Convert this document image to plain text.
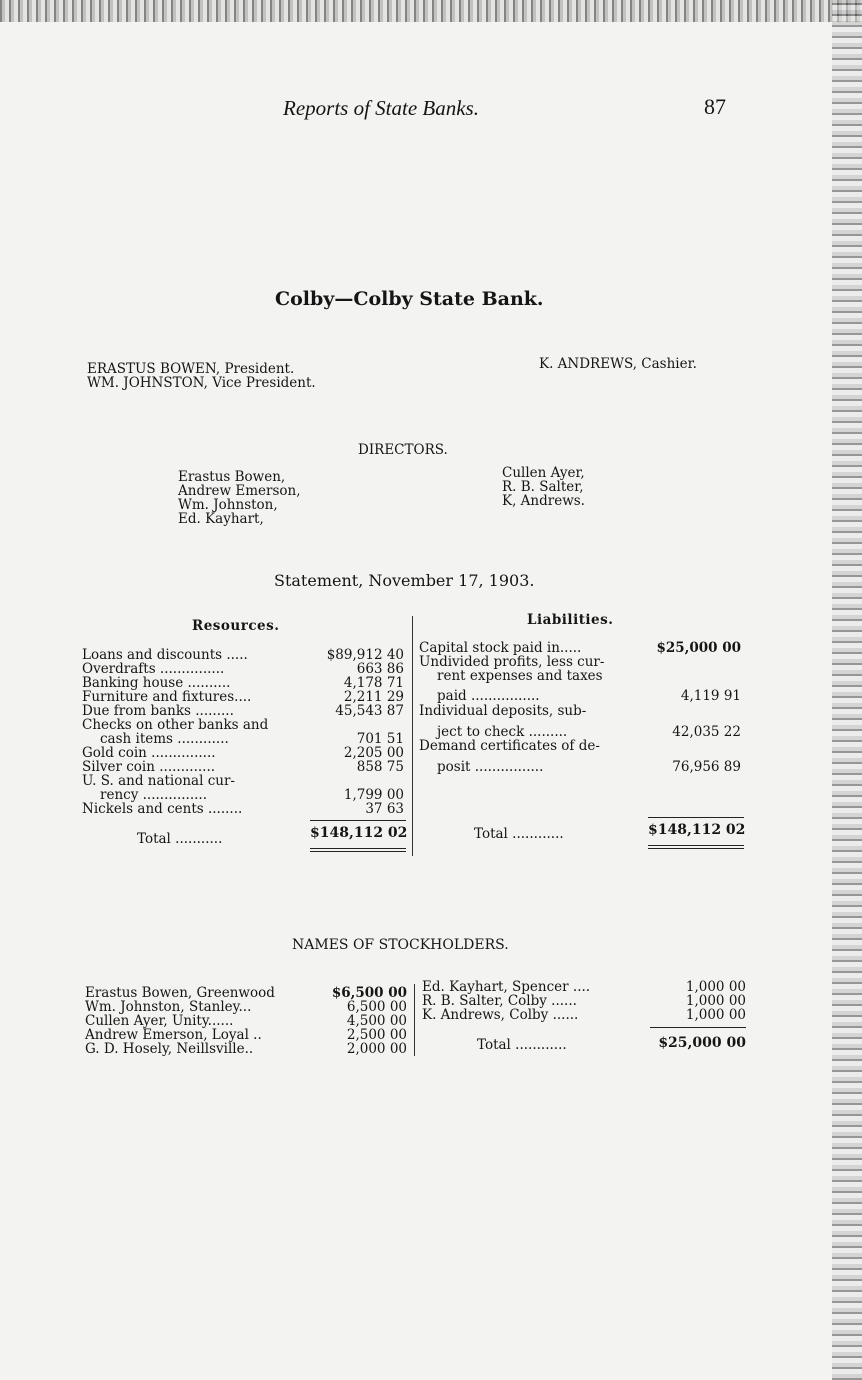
Reports of State Banks.	87
Colby—Colby State Bank.
ERASTUS BOWEN, President.
WM. JOHNSTON, Vice President.
K. ANDREWS, Cashier.
DIRECTORS.
Erastus Bowen,
Andrew Emerson,
Wm. Johnston,
Ed. Kayhart,
Cullen Ayer,
R. B. Salter,
K, Andrews.
Statement, November 17, 1903.
Resources.	Liabilities.
Loans and discounts .....	$89,912 40
Overdrafts ...............	663 86
Banking house ..........	4,178 71
Furniture and fixtures....	2,211 29
Due from banks .........	45,543 87
Checks on other banks and
cash items ............	701 51
Gold coin ...............	2,205 00
Silver coin .............	858 75
U. S. and national cur-
rency ...............	1,799 00
Nickels and cents ........	37 63
Total ...........	$148,112 02
Capital stock paid in.....	$25,000 00
Undivided profits, less cur-
rent expenses and taxes
paid ................	4,119 91
Individual deposits, sub-
ject to check .........	42,035 22
Demand certificates of de-
posit ................	76,956 89
Total ............	$148,112 02
NAMES OF STOCKHOLDERS.
Erastus Bowen, Greenwood	$6,500 00
Wm. Johnston, Stanley...	6,500 00
Cullen Ayer, Unity......	4,500 00
Andrew Emerson, Loyal ..	2,500 00
G. D. Hosely, Neillsville..	2,000 00
Ed. Kayhart, Spencer ....	1,000 00
R. B. Salter, Colby ......	1,000 00
K. Andrews, Colby ......	1,000 00
Total ............	$25,000 00
